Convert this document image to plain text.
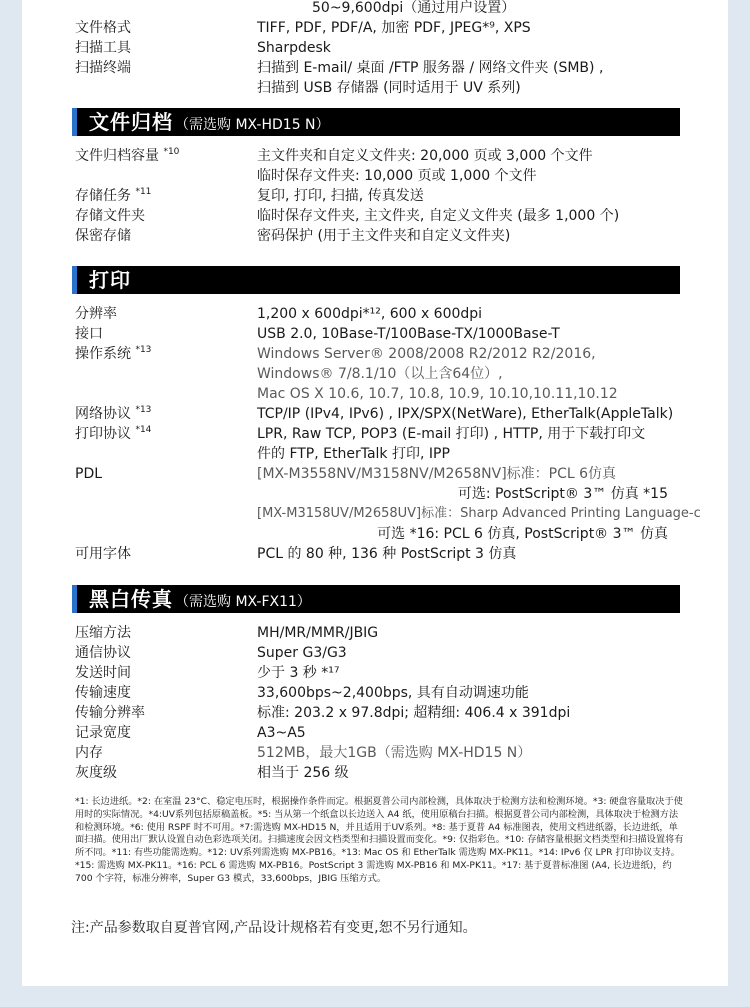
50~9,600dpi（通过用户设置）
文件格式	TIFF, PDF, PDF/A, 加密 PDF, JPEG*⁹, XPS
扫描工具	Sharpdesk
扫描终端	扫描到 E-mail/ 桌面 /FTP 服务器 / 网络文件夹 (SMB) ,
扫描到 USB 存储器 (同时适用于 UV 系列)
文件归档 （需选购 MX-HD15 N）
文件归档容量 $^{*10}$	主文件夹和自定义文件夹: 20,000 页或 3,000 个文件
临时保存文件夹: 10,000 页或 1,000 个文件
存储任务 $^{*11}$	复印, 打印, 扫描, 传真发送
存储文件夹	临时保存文件夹, 主文件夹, 自定义文件夹 (最多 1,000 个)
保密存储	密码保护 (用于主文件夹和自定义文件夹)
打印
分辨率	1,200 x 600dpi*¹², 600 x 600dpi
接口	USB 2.0, 10Base-T/100Base-TX/1000Base-T
操作系统 $^{*13}$	Windows Server® 2008/2008 R2/2012 R2/2016,
Windows® 7/8.1/10（以上含64位）,
Mac OS X 10.6, 10.7, 10.8, 10.9, 10.10,10.11,10.12
网络协议 $^{*13}$	TCP/IP (IPv4, IPv6) , IPX/SPX(NetWare), EtherTalk(AppleTalk)
打印协议 $^{*14}$	LPR, Raw TCP, POP3 (E-mail 打印) , HTTP, 用于下载打印文
件的 FTP, EtherTalk 打印, IPP
PDL	[MX-M3558NV/M3158NV/M2658NV]标准：PCL 6仿真
可选: PostScript® 3™ 仿真 *15
[MX-M3158UV/M2658UV]标准：Sharp Advanced Printing Language-c
可选 *16: PCL 6 仿真, PostScript® 3™ 仿真
可用字体	PCL 的 80 种, 136 种 PostScript 3 仿真
黑白传真 （需选购 MX-FX11）
压缩方法	MH/MR/MMR/JBIG
通信协议	Super G3/G3
发送时间	少于 3 秒 *¹⁷
传输速度	33,600bps~2,400bps, 具有自动调速功能
传输分辨率	标准: 203.2 x 97.8dpi; 超精细: 406.4 x 391dpi
记录宽度	A3~A5
内存	512MB，最大1GB（需选购 MX-HD15 N）
灰度级	相当于 256 级
*1: 长边进纸。*2: 在室温 23°C、稳定电压时，根据操作条件而定。根据夏普公司内部检测，具体取决于检测方法和检测环境。*3: 硬盘容量取决于使用时的实际情况。*4:UV系列包括原稿盖板。*5: 当从第一个纸盒以长边送入 A4 纸，使用原稿台扫描。根据夏普公司内部检测，具体取决于检测方法和检测环境。*6: 使用 RSPF 时不可用。*7:需选购 MX-HD15 N，并且适用于UV系列。*8: 基于夏普 A4 标准图表，使用文档进纸器，长边进纸，单面扫描。使用出厂默认设置自动色彩选项关闭。扫描速度会因文档类型和扫描设置而变化。*9: 仅指彩色。*10: 存储容量根据文档类型和扫描设置将有所不同。*11: 有些功能需选购。*12: UV系列需选购 MX-PB16。*13: Mac OS 和 EtherTalk 需选购 MX-PK11。*14: IPv6 仅 LPR 打印协议支持。*15: 需选购 MX-PK11。*16: PCL 6 需选购 MX-PB16。PostScript 3 需选购 MX-PB16 和 MX-PK11。*17: 基于夏普标准图 (A4, 长边进纸)，约 700 个字符，标准分辨率，Super G3 模式，33,600bps，JBIG 压缩方式。
注:产品参数取自夏普官网,产品设计规格若有变更,恕不另行通知。
